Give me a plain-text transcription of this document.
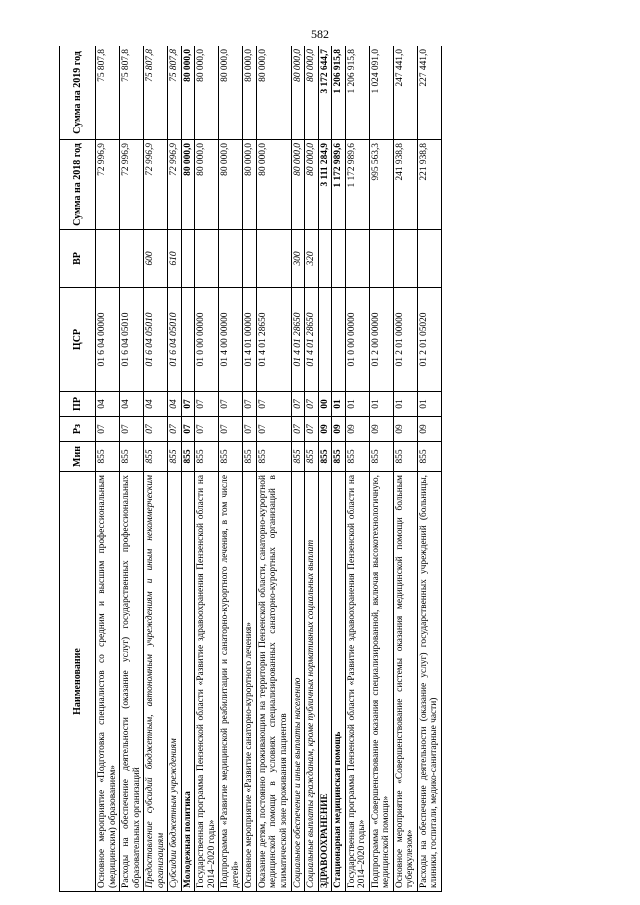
582
Наименование	Мин	Рз	ПР	ЦСР	ВР	Сумма на 2018 год	Сумма на 2019 год
Основное мероприятие «Подготовка специалистов со средним и высшим профессиональным (медицинским) образованием»	855	07	04	01 6 04 00000		72 996,9	75 807,8
Расходы на обеспечение деятельности (оказание услуг) государственных профессиональных образовательных организаций	855	07	04	01 6 04 05010		72 996,9	75 807,8
Предоставление субсидий бюджетным, автономным учреждениям и иным некоммерческим организациям	855	07	04	01 6 04 05010	600	72 996,9	75 807,8
Субсидии бюджетным учреждениям	855	07	04	01 6 04 05010	610	72 996,9	75 807,8
Молодежная политика	855	07	07			80 000,0	80 000,0
Государственная программа Пензенской области «Развитие здравоохранения Пензенской области на 2014–2020 годы»	855	07	07	01 0 00 00000		80 000,0	80 000,0
Подпрограмма «Развитие медицинской реабилитации и санаторно-курортного лечения, в том числе детей»	855	07	07	01 4 00 00000		80 000,0	80 000,0
Основное мероприятие «Развитие санаторно-курортного лечения»	855	07	07	01 4 01 00000		80 000,0	80 000,0
Оказание детям, постоянно проживающим на территории Пензенской области, санаторно-курортной медицинской помощи в условиях специализированных санаторно-курортных организаций в климатической зоне проживания пациентов	855	07	07	01 4 01 28650		80 000,0	80 000,0
Социальное обеспечение и иные выплаты населению	855	07	07	01 4 01 28650	300	80 000,0	80 000,0
Социальные выплаты гражданам, кроме публичных нормативных социальных выплат	855	07	07	01 4 01 28650	320	80 000,0	80 000,0
ЗДРАВООХРАНЕНИЕ	855	09	00			3 111 284,9	3 172 644,7
Стационарная медицинская помощь	855	09	01			1 172 989,6	1 206 915,8
Государственная программа Пензенской области «Развитие здравоохранения Пензенской области на 2014–2020 годы»	855	09	01	01 0 00 00000		1 172 989,6	1 206 915,8
Подпрограмма «Совершенствование оказания специализированной, включая высокотехнологичную, медицинской помощи»	855	09	01	01 2 00 00000		995 563,3	1 024 091,0
Основное мероприятие «Совершенствование системы оказания медицинской помощи больным туберкулезом»	855	09	01	01 2 01 00000		241 938,8	247 441,0
Расходы на обеспечение деятельности (оказание услуг) государственных учреждений (больницы, клиники, госпитали, медико-санитарные части)	855	09	01	01 2 01 05020		221 938,8	227 441,0
